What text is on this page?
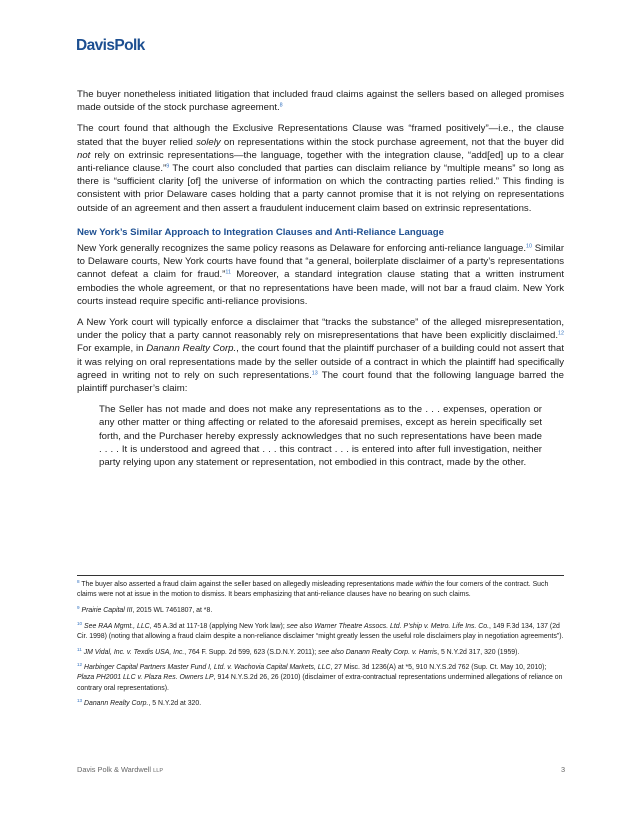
DavisPolk

The buyer nonetheless initiated litigation that included fraud claims against the sellers based on alleged promises made outside of the stock purchase agreement.$^8$

The court found that although the Exclusive Representations Clause was “framed positively”—i.e., the clause stated that the buyer relied solely on representations within the stock purchase agreement, not that the buyer did not rely on extrinsic representations—the language, together with the integration clause, “add[ed] up to a clear anti-reliance clause.”$^9$ The court also concluded that parties can disclaim reliance by “multiple means” so long as there is “sufficient clarity [of] the universe of information on which the contracting parties relied.” This finding is consistent with prior Delaware cases holding that a party cannot promise that it is not relying on representations outside of an agreement and then assert a fraudulent inducement claim based on extrinsic representations.

New York’s Similar Approach to Integration Clauses and Anti-Reliance Language

New York generally recognizes the same policy reasons as Delaware for enforcing anti-reliance language.$^{10}$ Similar to Delaware courts, New York courts have found that “a general, boilerplate disclaimer of a party’s representations cannot defeat a claim for fraud.”$^{11}$ Moreover, a standard integration clause stating that a written instrument embodies the whole agreement, or that no representations have been made, will not bar a fraud claim. New York courts instead require specific anti-reliance provisions.

A New York court will typically enforce a disclaimer that “tracks the substance” of the alleged misrepresentation, under the policy that a party cannot reasonably rely on misrepresentations that have been explicitly disclaimed.$^{12}$ For example, in Danann Realty Corp., the court found that the plaintiff purchaser of a building could not assert that it was relying on oral representations made by the seller outside of a contract in which the plaintiff had specifically agreed in writing not to rely on such representations.$^{13}$ The court found that the following language barred the plaintiff purchaser’s claim:

The Seller has not made and does not make any representations as to the . . . expenses, operation or any other matter or thing affecting or related to the aforesaid premises, except as herein specifically set forth, and the Purchaser hereby expressly acknowledges that no such representations have been made . . . . It is understood and agreed that . . . this contract . . . is entered into after full investigation, neither party relying upon any statement or representation, not embodied in this contract, made by the other.

$^8$ The buyer also asserted a fraud claim against the seller based on allegedly misleading representations made within the four corners of the contract. Such claims were not at issue in the motion to dismiss. It bears emphasizing that anti-reliance clauses have no bearing on such claims.

$^9$ Prairie Capital III, 2015 WL 7461807, at *8.

$^{10}$ See RAA Mgmt., LLC, 45 A.3d at 117-18 (applying New York law); see also Warner Theatre Assocs. Ltd. P’ship v. Metro. Life Ins. Co., 149 F.3d 134, 137 (2d Cir. 1998) (noting that allowing a fraud claim despite a non-reliance disclaimer “might greatly lessen the useful role disclaimers play in negotiation agreements”).

$^{11}$ JM Vidal, Inc. v. Texdis USA, Inc., 764 F. Supp. 2d 599, 623 (S.D.N.Y. 2011); see also Danann Realty Corp. v. Harris, 5 N.Y.2d 317, 320 (1959).

$^{12}$ Harbinger Capital Partners Master Fund I, Ltd. v. Wachovia Capital Markets, LLC, 27 Misc. 3d 1236(A) at *5, 910 N.Y.S.2d 762 (Sup. Ct. May 10, 2010); Plaza PH2001 LLC v. Plaza Res. Owners LP, 914 N.Y.S.2d 26, 26 (2010) (disclaimer of extra-contractual representations undermined allegations of reliance on contrary oral representations).

$^{13}$ Danann Realty Corp., 5 N.Y.2d at 320.

Davis Polk & Wardwell LLP	3
